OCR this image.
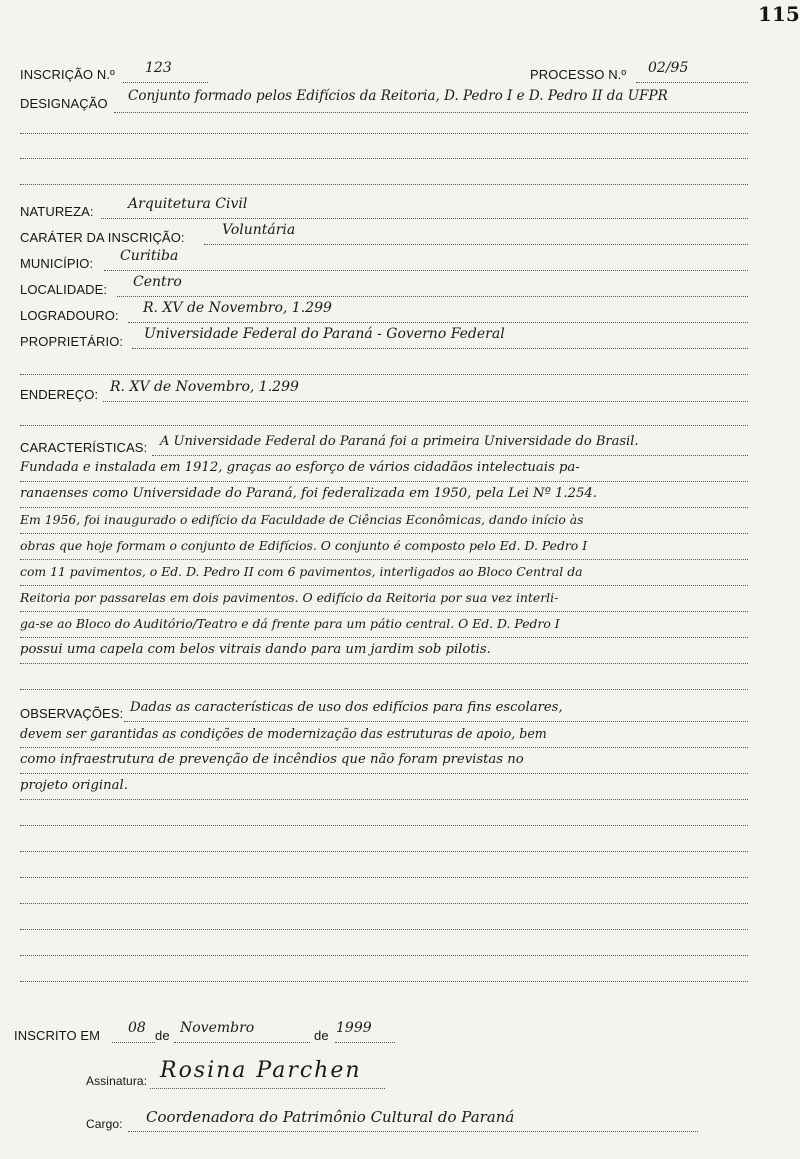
115
INSCRIÇÃO N.º 123	PROCESSO N.º 02/95
DESIGNAÇÃO Conjunto formado pelos Edifícios da Reitoria, D. Pedro I e D. Pedro II da UFPR
NATUREZA: Arquitetura Civil
CARÁTER DA INSCRIÇÃO:	Voluntária
MUNICÍPIO: Curitiba
LOCALIDADE: Centro
LOGRADOURO: R. XV de Novembro, 1.299
PROPRIETÁRIO: Universidade Federal do Paraná - Governo Federal
ENDEREÇO: R. XV de Novembro, 1.299
CARACTERÍSTICAS: A Universidade Federal do Paraná foi a primeira Universidade do Brasil.
Fundada e instalada em 1912, graças ao esforço de vários cidadãos intelectuais pa-
ranaenses como Universidade do Paraná, foi federalizada em 1950, pela Lei Nº 1.254.
Em 1956, foi inaugurado o edifício da Faculdade de Ciências Econômicas, dando início às
obras que hoje formam o conjunto de Edifícios. O conjunto é composto pelo Ed. D. Pedro I
com 11 pavimentos, o Ed. D. Pedro II com 6 pavimentos, interligados ao Bloco Central da
Reitoria por passarelas em dois pavimentos. O edifício da Reitoria por sua vez interli-
ga-se ao Bloco do Auditório/Teatro e dá frente para um pátio central. O Ed. D. Pedro I
possui uma capela com belos vitrais dando para um jardim sob pilotis.
OBSERVAÇÕES: Dadas as características de uso dos edifícios para fins escolares,
devem ser garantidas as condições de modernização das estruturas de apoio, bem
como infraestrutura de prevenção de incêndios que não foram previstas no
projeto original.
INSCRITO EM 08 de Novembro	de 1999
Assinatura: Rosina Parchen
Cargo: Coordenadora do Patrimônio Cultural do Paraná
